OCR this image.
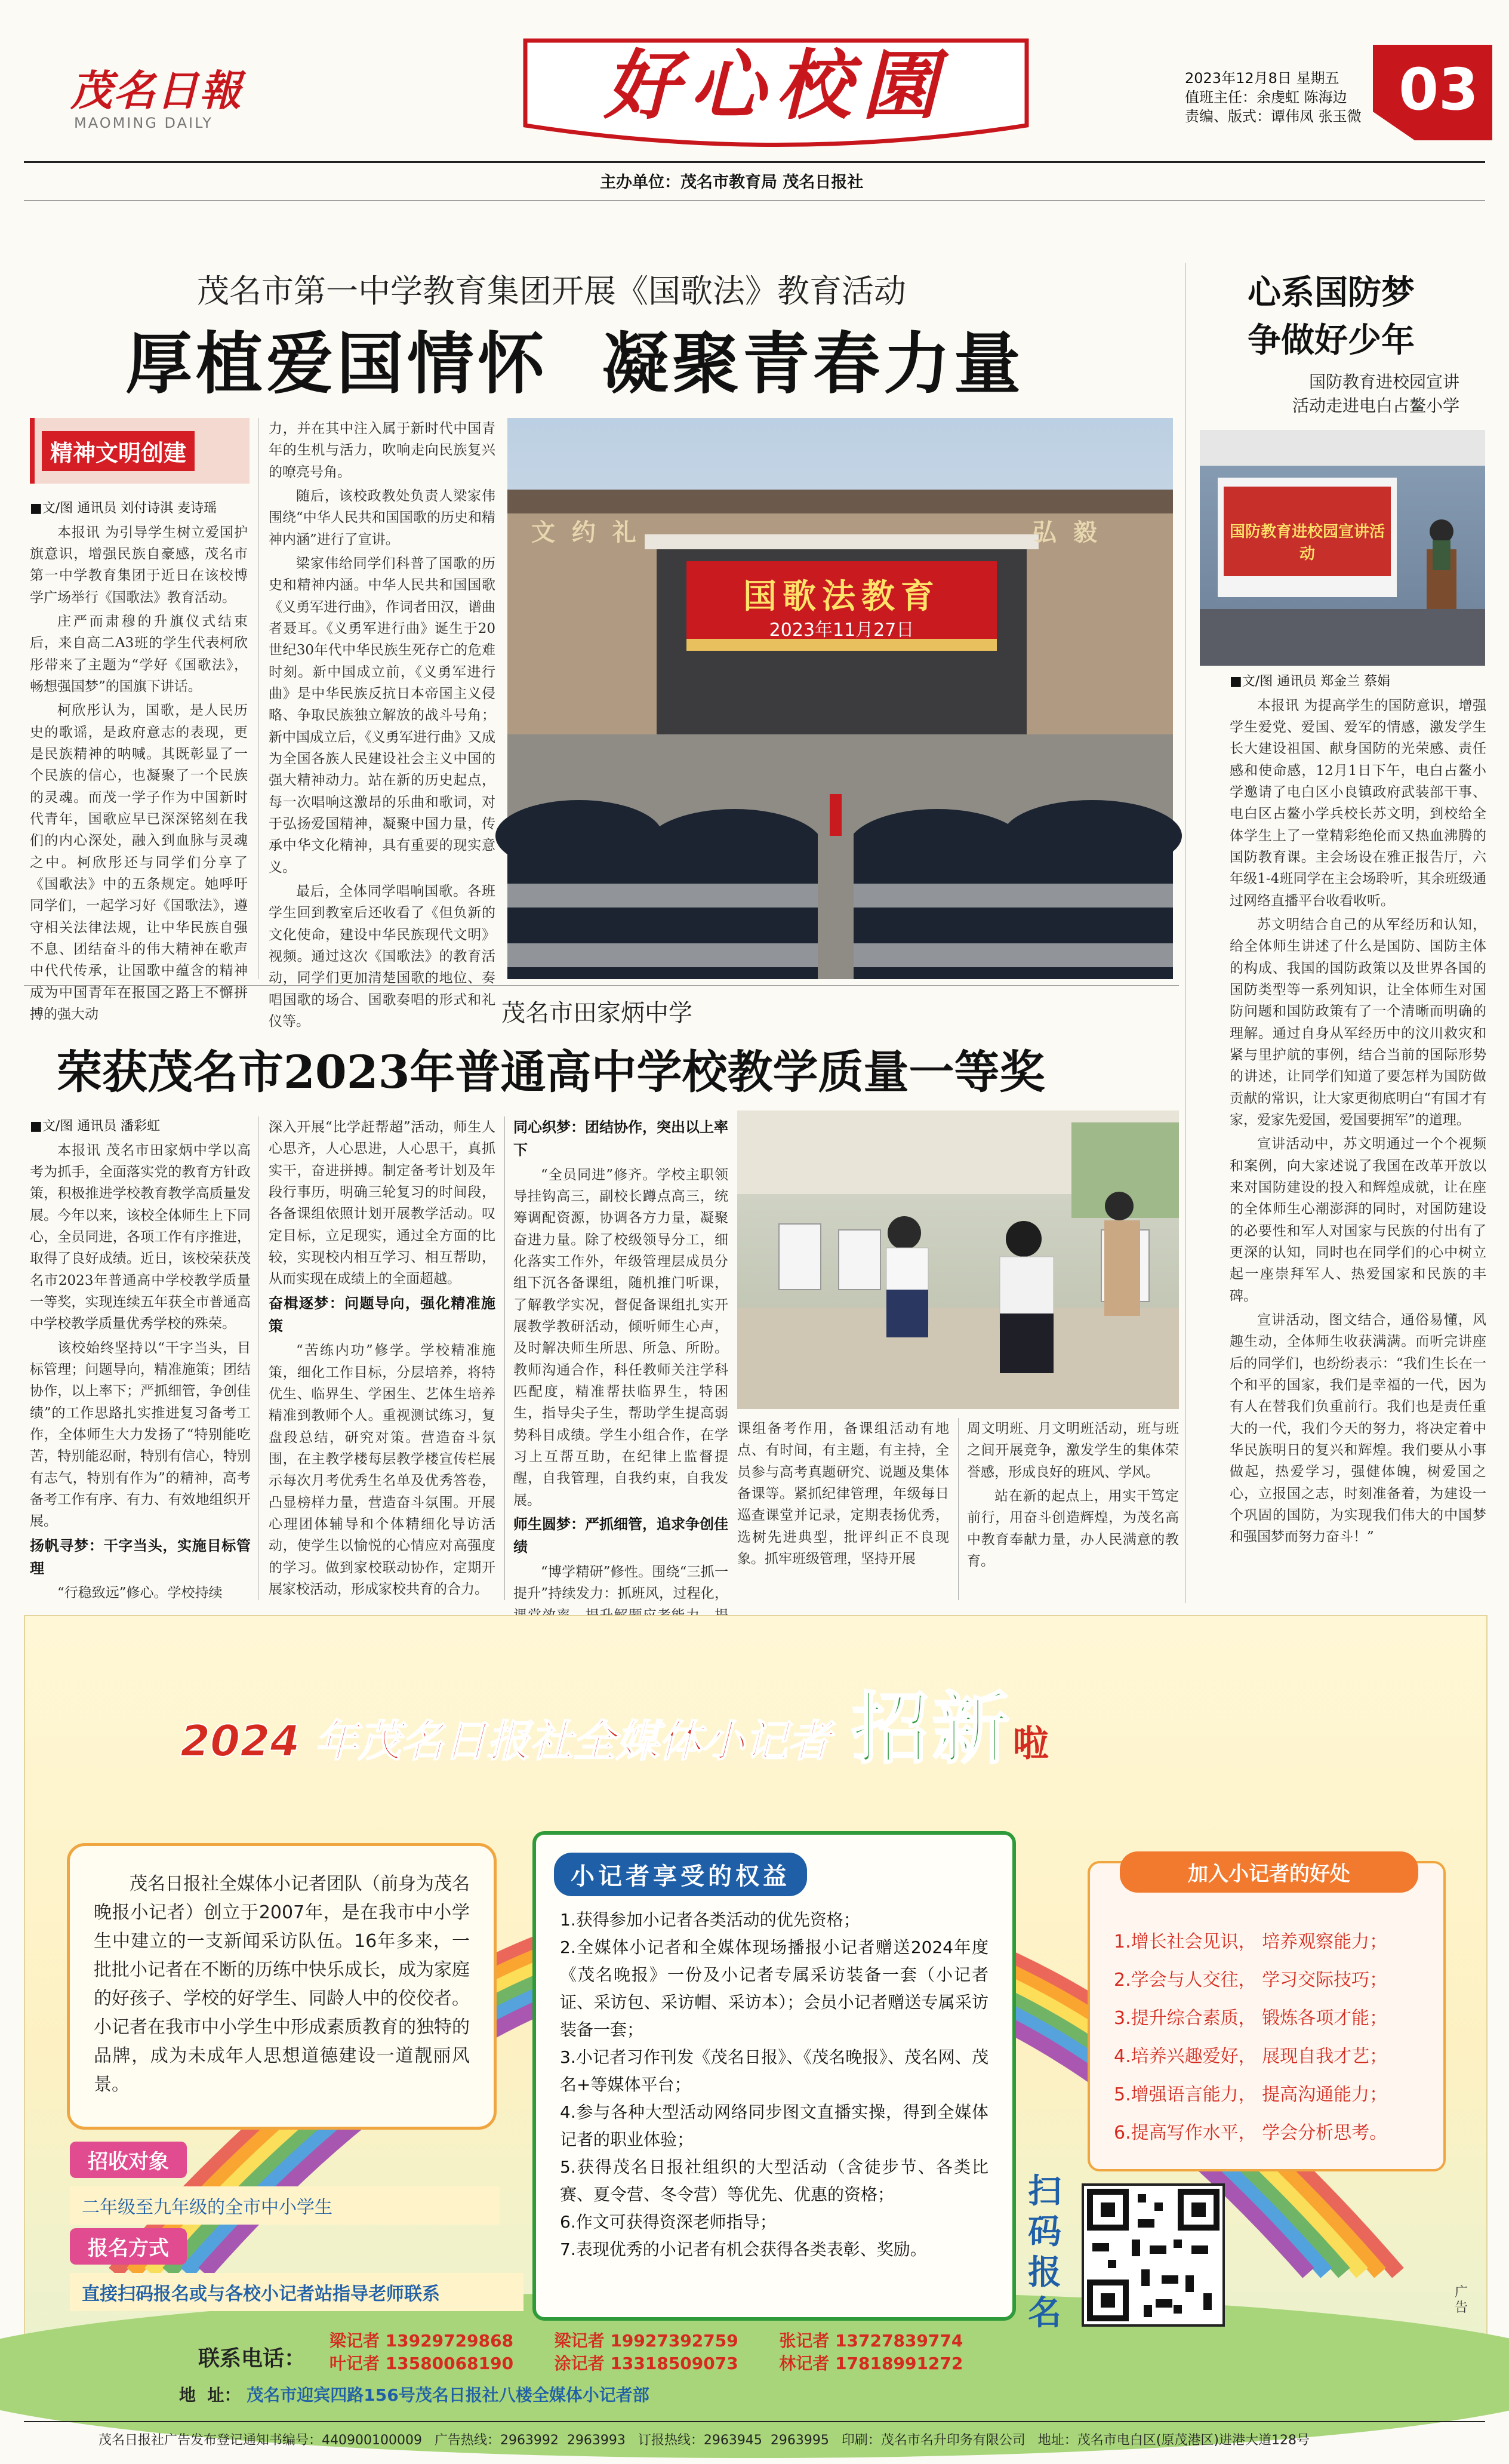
茂名日報
MAOMING DAILY	好心校園	2023年12月8日 星期五
值班主任：余虔虹 陈海边
责编、版式：谭伟凤 张玉微 03
主办单位：茂名市教育局 茂名日报社
茂名市第一中学教育集团开展《国歌法》教育活动
厚植爱国情怀  凝聚青春力量
精神文明创建

■文/图 通讯员 刘付诗淇 麦诗瑶

本报讯 为引导学生树立爱国护旗意识，增强民族自豪感，茂名市第一中学教育集团于近日在该校博学广场举行《国歌法》教育活动。

庄严而肃穆的升旗仪式结束后，来自高二A3班的学生代表柯欣彤带来了主题为“学好《国歌法》，畅想强国梦”的国旗下讲话。

柯欣彤认为，国歌，是人民历史的歌谣，是政府意志的表现，更是民族精神的呐喊。其既彰显了一个民族的信心，也凝聚了一个民族的灵魂。而茂一学子作为中国新时代青年，国歌应早已深深铭刻在我们的内心深处，融入到血脉与灵魂之中。柯欣彤还与同学们分享了《国歌法》中的五条规定。她呼吁同学们，一起学习好《国歌法》，遵守相关法律法规，让中华民族自强不息、团结奋斗的伟大精神在歌声中代代传承，让国歌中蕴含的精神成为中国青年在报国之路上不懈拼搏的强大动

力，并在其中注入属于新时代中国青年的生机与活力，吹响走向民族复兴的嘹亮号角。

随后，该校政教处负责人梁家伟围绕“中华人民共和国国歌的历史和精神内涵”进行了宣讲。

梁家伟给同学们科普了国歌的历史和精神内涵。中华人民共和国国歌《义勇军进行曲》，作词者田汉，谱曲者聂耳。《义勇军进行曲》诞生于20世纪30年代中华民族生死存亡的危难时刻。新中国成立前，《义勇军进行曲》是中华民族反抗日本帝国主义侵略、争取民族独立解放的战斗号角；新中国成立后，《义勇军进行曲》又成为全国各族人民建设社会主义中国的强大精神动力。站在新的历史起点，每一次唱响这激昂的乐曲和歌词，对于弘扬爱国精神，凝聚中国力量，传承中华文化精神，具有重要的现实意义。

最后，全体同学唱响国歌。各班学生回到教室后还收看了《但负新的文化使命，建设中华民族现代文明》视频。通过这次《国歌法》的教育活动，同学们更加清楚国歌的地位、奏唱国歌的场合、国歌奏唱的形式和礼仪等。

文  约  礼	弘  毅
国歌法教育
2023年11月27日
心系国防梦
争做好少年
国防教育进校园宣讲
活动走进电白占鳌小学
国防教育进校园宣讲活动

■文/图 通讯员 郑金兰 蔡娟

本报讯 为提高学生的国防意识，增强学生爱党、爱国、爱军的情感，激发学生长大建设祖国、献身国防的光荣感、责任感和使命感，12月1日下午，电白占鳌小学邀请了电白区小良镇政府武装部干事、电白区占鳌小学兵校长苏文明，到校给全体学生上了一堂精彩绝伦而又热血沸腾的国防教育课。主会场设在雅正报告厅，六年级1-4班同学在主会场聆听，其余班级通过网络直播平台收看收听。

苏文明结合自己的从军经历和认知，给全体师生讲述了什么是国防、国防主体的构成、我国的国防政策以及世界各国的国防类型等一系列知识，让全体师生对国防问题和国防政策有了一个清晰而明确的理解。通过自身从军经历中的汶川救灾和紧与里护航的事例，结合当前的国际形势的讲述，让同学们知道了要怎样为国防做贡献的常识，让大家更彻底明白“有国才有家，爱家先爱国，爱国要拥军”的道理。

宣讲活动中，苏文明通过一个个视频和案例，向大家述说了我国在改革开放以来对国防建设的投入和辉煌成就，让在座的全体师生心潮澎湃的同时，对国防建设的必要性和军人对国家与民族的付出有了更深的认知，同时也在同学们的心中树立起一座崇拜军人、热爱国家和民族的丰碑。

宣讲活动，图文结合，通俗易懂，风趣生动，全体师生收获满满。而听完讲座后的同学们，也纷纷表示：“我们生长在一个和平的国家，我们是幸福的一代，因为有人在替我们负重前行。我们也是责任重大的一代，我们今天的努力，将决定着中华民族明日的复兴和辉煌。我们要从小事做起，热爱学习，强健体魄，树爱国之心，立报国之志，时刻准备着，为建设一个巩固的国防，为实现我们伟大的中国梦和强国梦而努力奋斗！”

茂名市田家炳中学
荣获茂名市2023年普通高中学校教学质量一等奖

■文/图 通讯员 潘彩虹

本报讯 茂名市田家炳中学以高考为抓手，全面落实党的教育方针政策，积极推进学校教育教学高质量发展。今年以来，该校全体师生上下同心，全员同进，各项工作有序推进，取得了良好成绩。近日，该校荣获茂名市2023年普通高中学校教学质量一等奖，实现连续五年获全市普通高中学校教学质量优秀学校的殊荣。

该校始终坚持以“干字当头，目标管理；问题导向，精准施策；团结协作，以上率下；严抓细管，争创佳绩”的工作思路扎实推进复习备考工作，全体师生大力发扬了“特别能吃苦，特别能忍耐，特别有信心，特别有志气，特别有作为”的精神，高考备考工作有序、有力、有效地组织开展。

扬帆寻梦：干字当头，实施目标管理

“行稳致远”修心。学校持续

深入开展“比学赶帮超”活动，师生人心思齐，人心思进，人心思干，真抓实干，奋进拼搏。制定备考计划及年段行事历，明确三轮复习的时间段，各备课组依照计划开展教学活动。叹定目标，立足现实，通过全方面的比较，实现校内相互学习、相互帮助，从而实现在成绩上的全面超越。

奋楫逐梦：问题导向，强化精准施策

“苦练内功”修学。学校精准施策，细化工作目标，分层培养，将特优生、临界生、学困生、艺体生培养精准到教师个人。重视测试练习，复盘段总结，研究对策。营造奋斗氛围，在主教学楼每层教学楼宣传栏展示每次月考优秀生名单及优秀答卷，凸显榜样力量，营造奋斗氛围。开展心理团体辅导和个体精细化导访活动，使学生以愉悦的心情应对高强度的学习。做到家校联动协作，定期开展家校活动，形成家校共育的合力。

同心织梦：团结协作，突出以上率下

“全员同进”修齐。学校主职领导挂钩高三，副校长蹲点高三，统筹调配资源，协调各方力量，凝聚奋进力量。除了校级领导分工，细化落实工作外，年级管理层成员分组下沉各备课组，随机推门听课，了解教学实况，督促备课组扎实开展教学教研活动，倾听师生心声，及时解决师生所思、所急、所盼。教师沟通合作，科任教师关注学科匹配度，精准帮扶临界生，特困生，指导尖子生，帮助学生提高弱势科目成绩。学生小组合作，在学习上互帮互助，在纪律上监督提醒，自我管理，自我约束，自我发展。

师生圆梦：严抓细管，追求争创佳绩

“博学精研”修性。围绕“三抓一提升”持续发力：抓班风，过程化，

课组备考作用，备课组活动有地点、有时间，有主题，有主持，全员参与高考真题研究、说题及集体备课等。紧抓纪律管理，年级每日巡查课堂并记录，定期表扬优秀，选树先进典型，批评纠正不良现象。抓牢班级管理，坚持开展

周文明班、月文明班活动，班与班之间开展竞争，激发学生的集体荣誉感，形成良好的班风、学风。

站在新的起点上，用实干笃定前行，用奋斗创造辉煌，为茂名高中教育奉献力量，办人民满意的教育。

2024 年茂名日报社全媒体小记者 招 新 啦
茂名日报社全媒体小记者团队（前身为茂名晚报小记者）创立于2007年，是在我市中小学生中建立的一支新闻采访队伍。16年多来，一批批小记者在不断的历练中快乐成长，成为家庭的好孩子、学校的好学生、同龄人中的佼佼者。小记者在我市中小学生中形成素质教育的独特的品牌，成为未成年人思想道德建设一道靓丽风景。
招收对象
二年级至九年级的全市中小学生
报名方式
直接扫码报名或与各校小记者站指导老师联系
小记者享受的权益
1.获得参加小记者各类活动的优先资格；
2.全媒体小记者和全媒体现场播报小记者赠送2024年度《茂名晚报》一份及小记者专属采访装备一套（小记者证、采访包、采访帽、采访本）；会员小记者赠送专属采访装备一套；
3.小记者习作刊发《茂名日报》、《茂名晚报》、茂名网、茂名+等媒体平台；
4.参与各种大型活动网络同步图文直播实操，得到全媒体记者的职业体验；
5.获得茂名日报社组织的大型活动（含徒步节、各类比赛、夏令营、冬令营）等优先、优惠的资格；
6.作文可获得资深老师指导；
7.表现优秀的小记者有机会获得各类表彰、奖励。
加入小记者的好处
1.增长社会见识， 培养观察能力；
2.学会与人交往， 学习交际技巧；
3.提升综合素质， 锻炼各项才能；
4.培养兴趣爱好， 展现自我才艺；
5.增强语言能力， 提高沟通能力；
6.提高写作水平， 学会分析思考。
扫码报名
广告
联系电话：
梁记者 13929729868	梁记者 19927392759	张记者 13727839774
叶记者 13580068190	涂记者 13318509073	林记者 17818991272
地  址： 茂名市迎宾四路156号茂名日报社八楼全媒体小记者部
茂名日报社广告发布登记通知书编号：440900100009   广告热线：2963992  2963993   订报热线：2963945  2963995   印刷：茂名市名升印务有限公司   地址：茂名市电白区(原茂港区)进港大道128号
